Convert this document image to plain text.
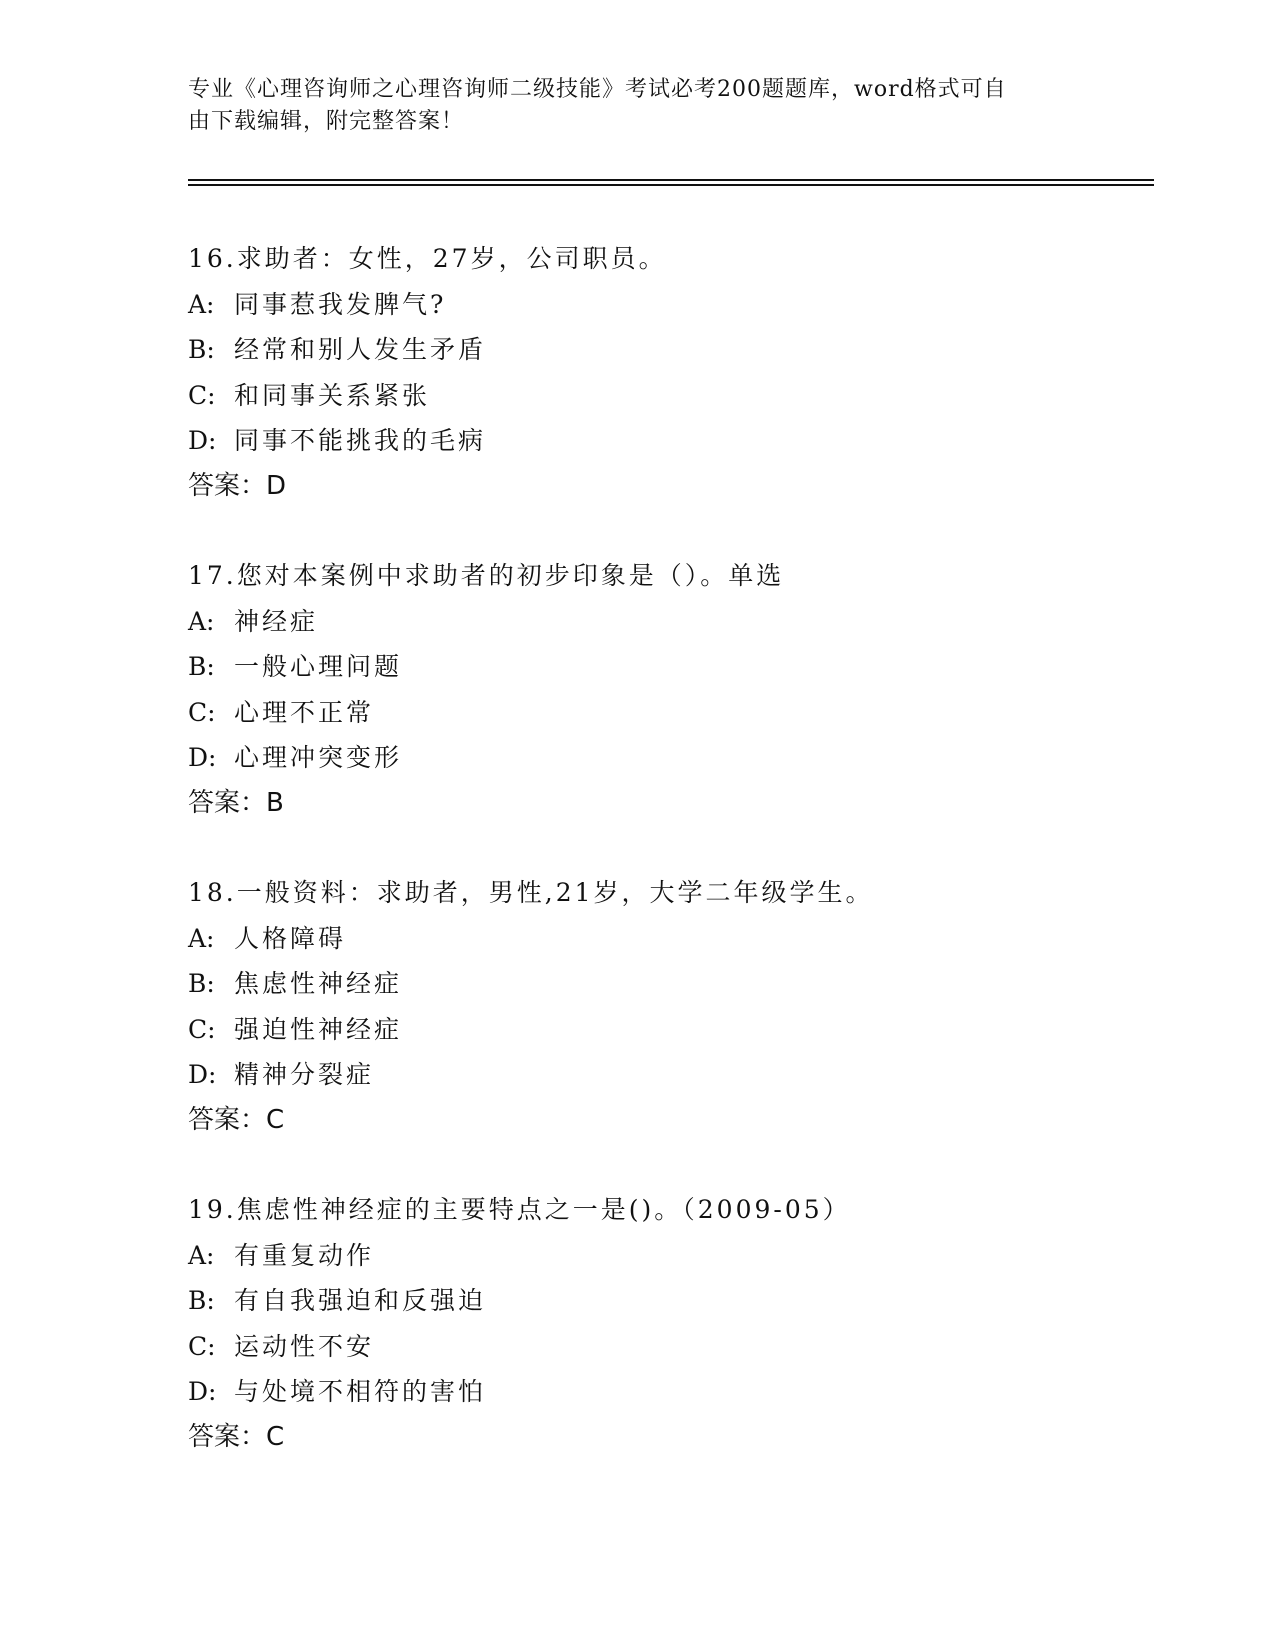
专业《心理咨询师之心理咨询师二级技能》考试必考200题题库，word格式可自
由下载编辑，附完整答案！
16.求助者：女性，27岁，公司职员。
A: 同事惹我发脾气?
B: 经常和别人发生矛盾
C: 和同事关系紧张
D: 同事不能挑我的毛病
答案：D
17.您对本案例中求助者的初步印象是（）。单选
A: 神经症
B: 一般心理问题
C: 心理不正常
D: 心理冲突变形
答案：B
18.一般资料：求助者，男性,21岁，大学二年级学生。
A: 人格障碍
B: 焦虑性神经症
C: 强迫性神经症
D: 精神分裂症
答案：C
19.焦虑性神经症的主要特点之一是()。（2009-05）
A: 有重复动作
B: 有自我强迫和反强迫
C: 运动性不安
D: 与处境不相符的害怕
答案：C
